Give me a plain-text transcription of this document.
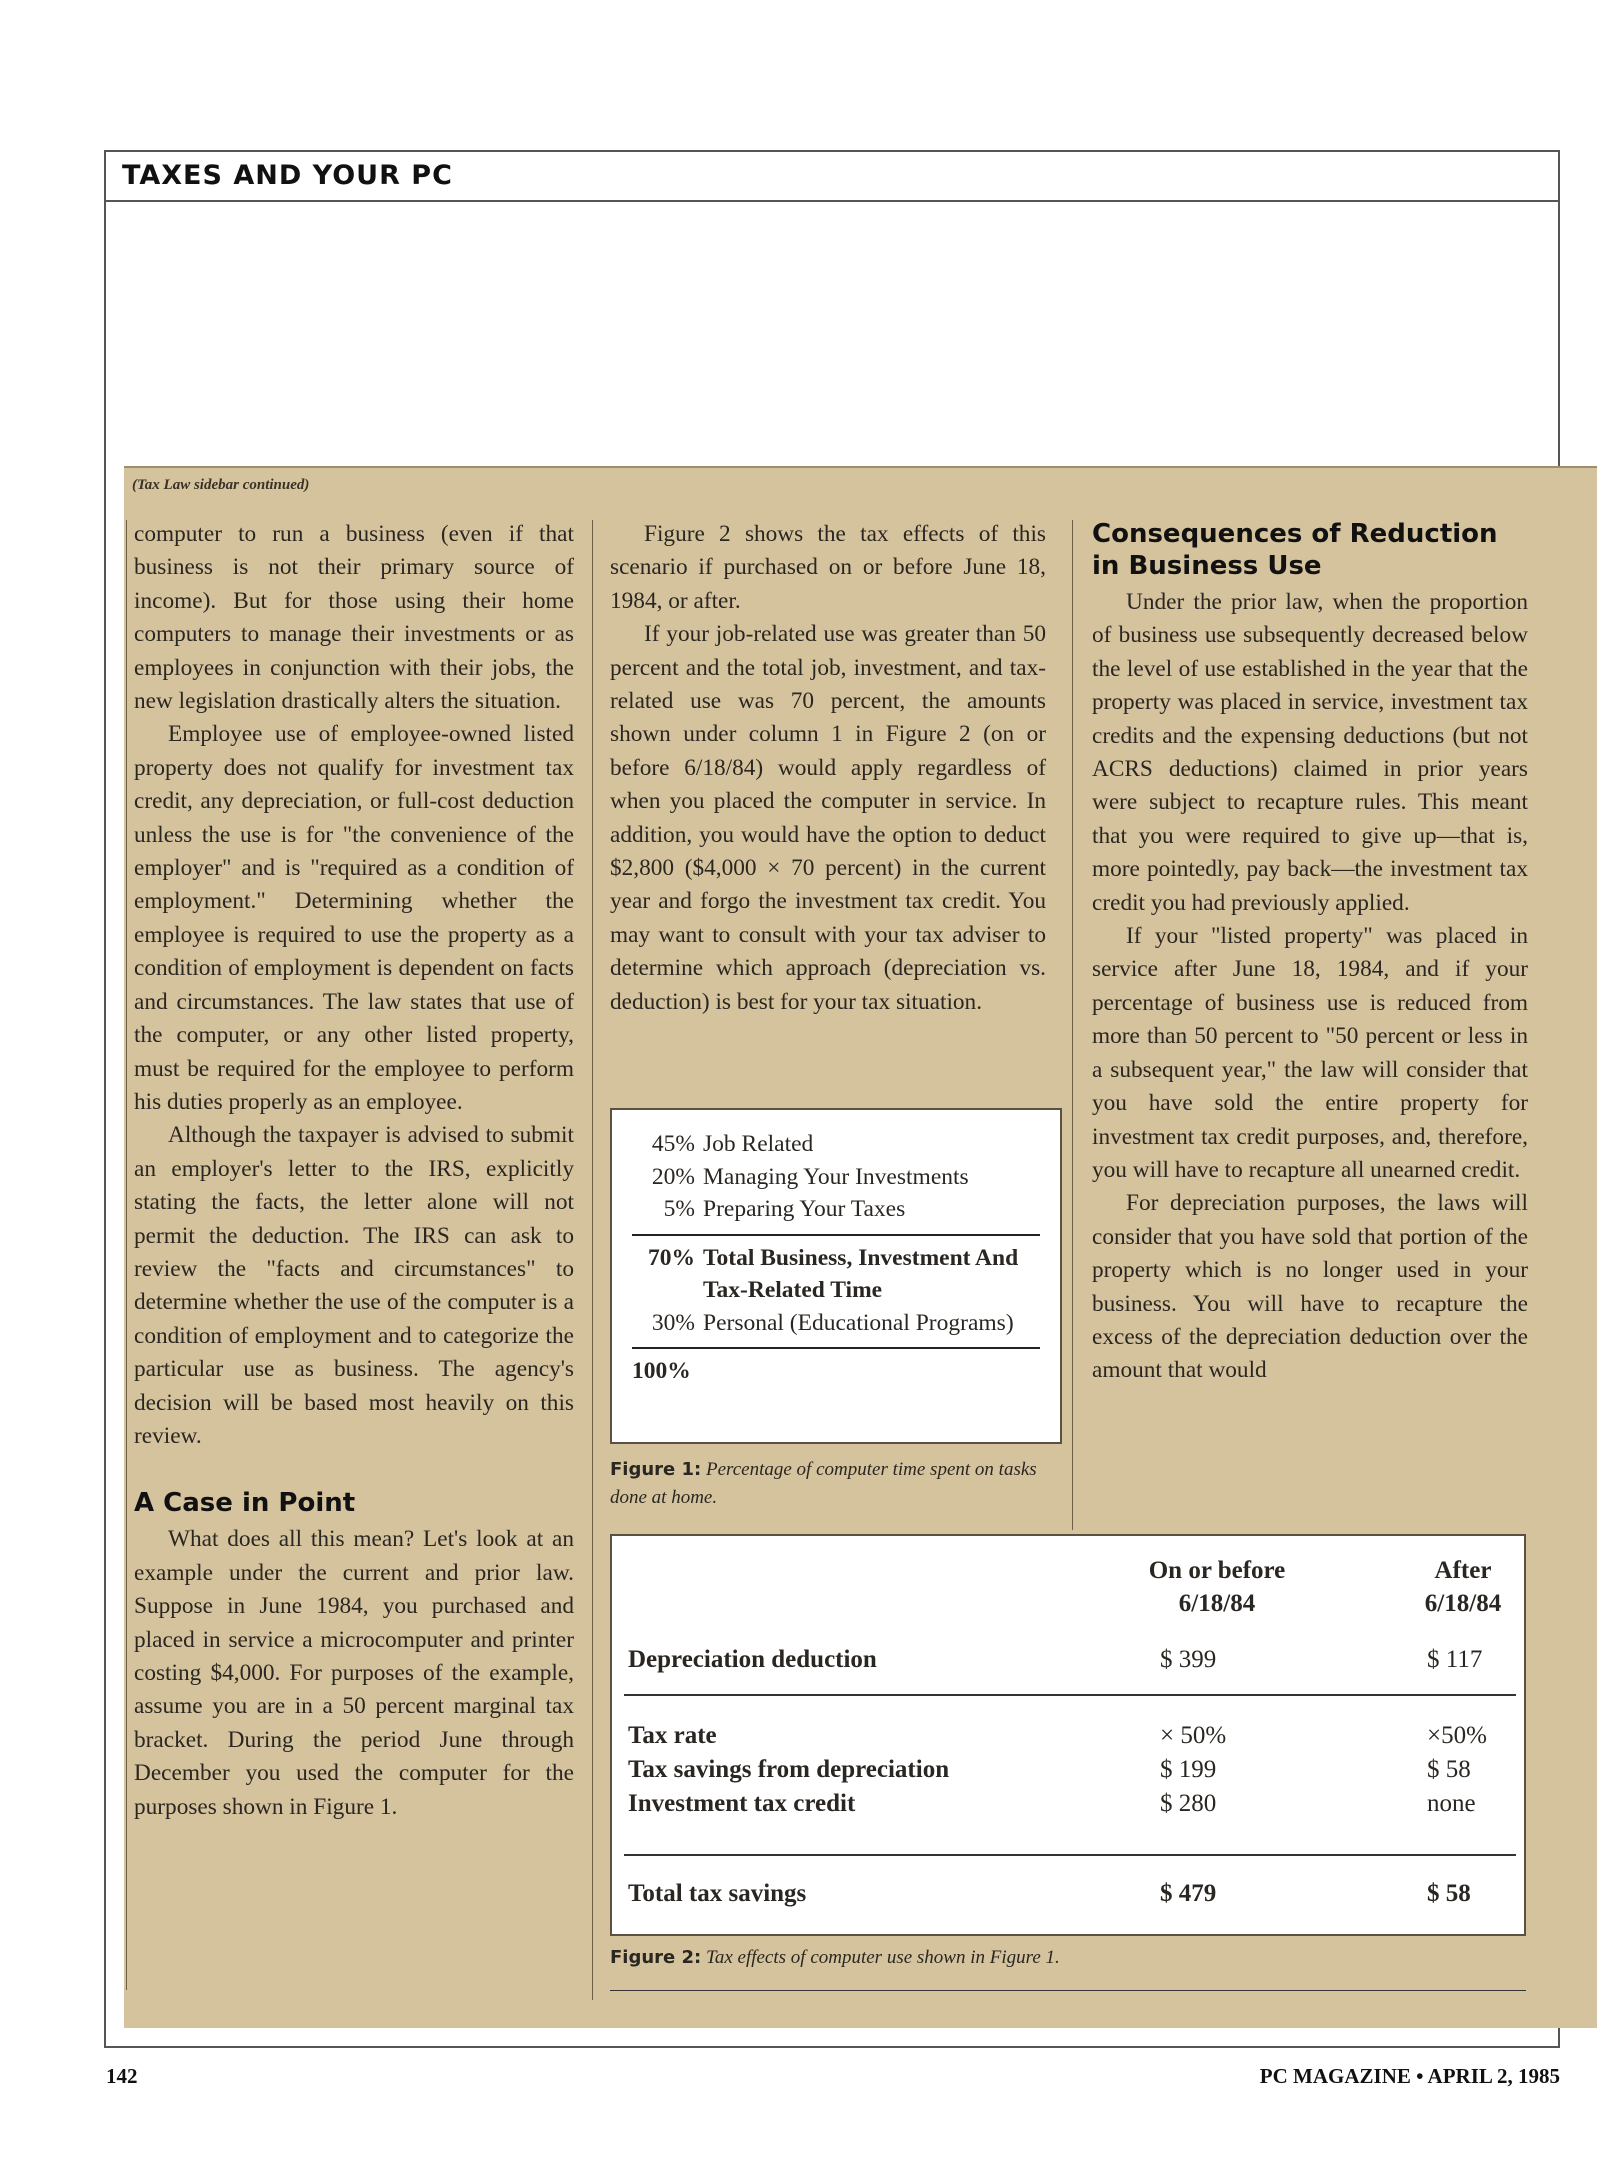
TAXES AND YOUR PC
(Tax Law sidebar continued)

computer to run a business (even if that business is not their primary source of income). But for those using their home computers to manage their investments or as employees in conjunction with their jobs, the new legislation drastically alters the situation.

Employee use of employee-owned listed property does not qualify for investment tax credit, any depreciation, or full-cost deduction unless the use is for "the convenience of the employer" and is "required as a condition of employment." Determining whether the employee is required to use the property as a condition of employment is dependent on facts and circumstances. The law states that use of the computer, or any other listed property, must be required for the employee to perform his duties properly as an employee.

Although the taxpayer is advised to submit an employer's letter to the IRS, explicitly stating the facts, the letter alone will not permit the deduction. The IRS can ask to review the "facts and circumstances" to determine whether the use of the computer is a condition of employment and to categorize the particular use as business. The agency's decision will be based most heavily on this review.

A Case in Point

What does all this mean? Let's look at an example under the current and prior law. Suppose in June 1984, you purchased and placed in service a microcomputer and printer costing $4,000. For purposes of the example, assume you are in a 50 percent marginal tax bracket. During the period June through December you used the computer for the purposes shown in Figure 1.

Figure 2 shows the tax effects of this scenario if purchased on or before June 18, 1984, or after.

If your job-related use was greater than 50 percent and the total job, investment, and tax-related use was 70 percent, the amounts shown under column 1 in Figure 2 (on or before 6/18/84) would apply regardless of when you placed the computer in service. In addition, you would have the option to deduct $2,800 ($4,000 × 70 percent) in the current year and forgo the investment tax credit. You may want to consult with your tax adviser to determine which approach (depreciation vs. deduction) is best for your tax situation.

Consequences of Reduction in Business Use

Under the prior law, when the proportion of business use subsequently decreased below the level of use established in the year that the property was placed in service, investment tax credits and the expensing deductions (but not ACRS deductions) claimed in prior years were subject to recapture rules. This meant that you were required to give up—that is, more pointedly, pay back—the investment tax credit you had previously applied.

If your "listed property" was placed in service after June 18, 1984, and if your percentage of business use is reduced from more than 50 percent to "50 percent or less in a subsequent year," the law will consider that you have sold the entire property for investment tax credit purposes, and, therefore, you will have to recapture all unearned credit.

For depreciation purposes, the laws will consider that you have sold that portion of the property which is no longer used in your business. You will have to recapture the excess of the depreciation deduction over the amount that would

45% Job Related
20% Managing Your Investments
5% Preparing Your Taxes
70% Total Business, Investment And Tax-Related Time
30% Personal (Educational Programs)
100%
Figure 1: Percentage of computer time spent on tasks done at home.
On or before 6/18/84
After 6/18/84
Depreciation deduction	$ 399	$ 117
Tax rate	× 50%	×50%
Tax savings from depreciation	$ 199	$ 58
Investment tax credit	$ 280	none
Total tax savings	$ 479	$ 58
Figure 2: Tax effects of computer use shown in Figure 1.
142	PC MAGAZINE • APRIL 2, 1985
